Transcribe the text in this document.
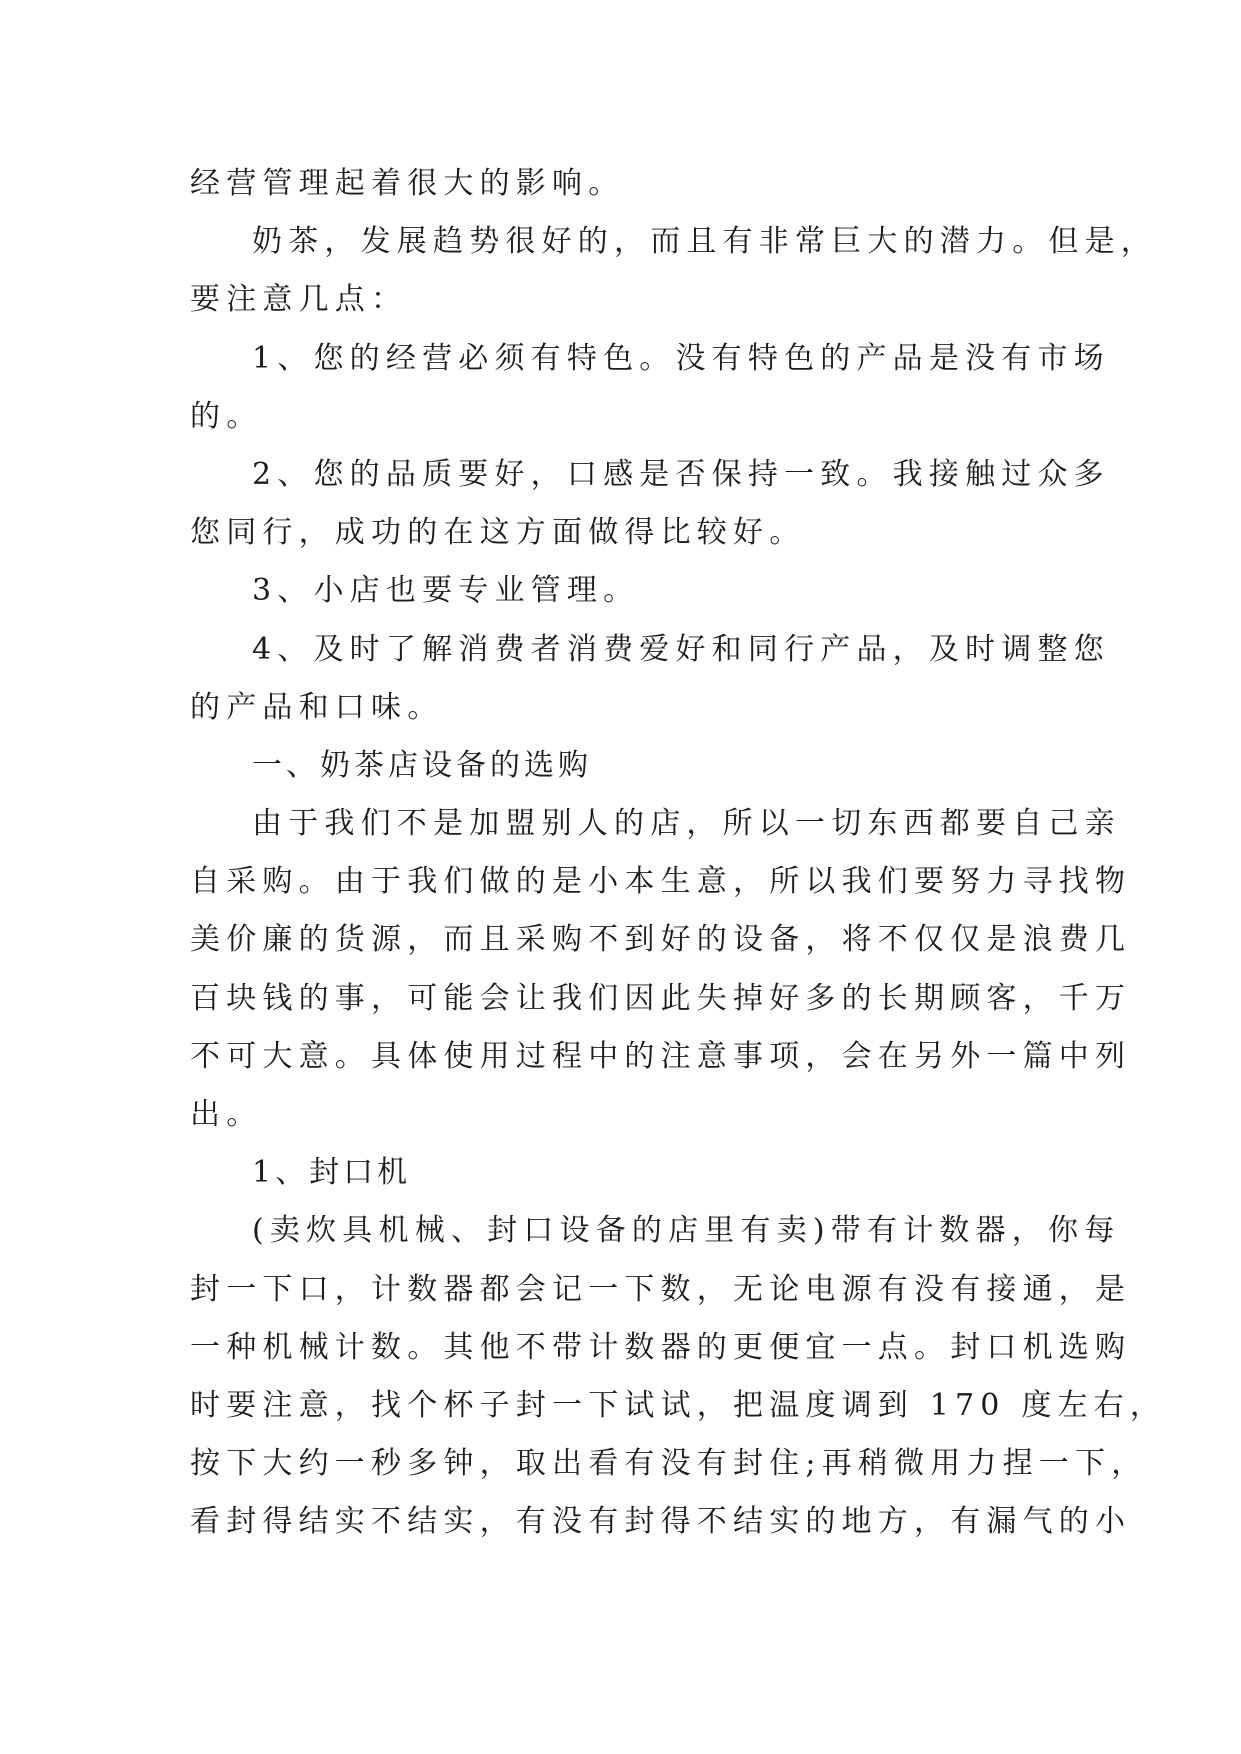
经营管理起着很大的影响。
奶茶，发展趋势很好的，而且有非常巨大的潜力。但是，
要注意几点：
1、您的经营必须有特色。没有特色的产品是没有市场
的。
2、您的品质要好，口感是否保持一致。我接触过众多
您同行，成功的在这方面做得比较好。
3、小店也要专业管理。
4、及时了解消费者消费爱好和同行产品，及时调整您
的产品和口味。
一、奶茶店设备的选购
由于我们不是加盟别人的店，所以一切东西都要自己亲
自采购。由于我们做的是小本生意，所以我们要努力寻找物
美价廉的货源，而且采购不到好的设备，将不仅仅是浪费几
百块钱的事，可能会让我们因此失掉好多的长期顾客，千万
不可大意。具体使用过程中的注意事项，会在另外一篇中列
出。
1、封口机
(卖炊具机械、封口设备的店里有卖)带有计数器，你每
封一下口，计数器都会记一下数，无论电源有没有接通，是
一种机械计数。其他不带计数器的更便宜一点。封口机选购
时要注意，找个杯子封一下试试，把温度调到 170 度左右，
按下大约一秒多钟，取出看有没有封住;再稍微用力捏一下，
看封得结实不结实，有没有封得不结实的地方，有漏气的小
